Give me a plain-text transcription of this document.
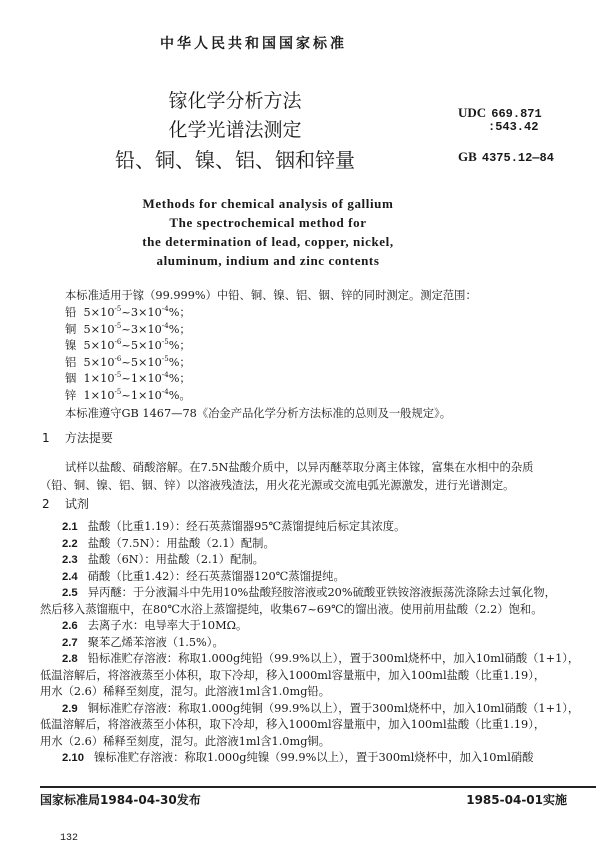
中华人民共和国国家标准
镓化学分析方法
化学光谱法测定
铅、铜、镍、铝、铟和锌量
UDC 669.871
:543.42
GB 4375.12—84
Methods for chemical analysis of gallium
The spectrochemical method for
the determination of lead, copper, nickel,
aluminum, indium and zinc contents
本标准适用于镓（99.999%）中铅、铜、镍、铝、铟、锌的同时测定。测定范围：
铅 $5\times 10^{-5}\sim 3\times 10^{-4}\%$；
铜 $5\times 10^{-5}\sim 3\times 10^{-4}\%$；
镍 $5\times 10^{-6}\sim 5\times 10^{-5}\%$；
铝 $5\times 10^{-6}\sim 5\times 10^{-5}\%$；
铟 $1\times 10^{-5}\sim 1\times 10^{-4}\%$；
锌 $1\times 10^{-5}\sim 1\times 10^{-4}\%$。
本标准遵守GB 1467—78《冶金产品化学分析方法标准的总则及一般规定》。
1 方法提要
试样以盐酸、硝酸溶解。在7.5N盐酸介质中，以异丙醚萃取分离主体镓，富集在水相中的杂质
（铅、铜、镍、铝、铟、锌）以溶液残渣法，用火花光源或交流电弧光源激发，进行光谱测定。
2 试剂
2.1 盐酸（比重1.19）：经石英蒸馏器95℃蒸馏提纯后标定其浓度。
2.2 盐酸（7.5N）：用盐酸（2.1）配制。
2.3 盐酸（6N）：用盐酸（2.1）配制。
2.4 硝酸（比重1.42）：经石英蒸馏器120℃蒸馏提纯。
2.5 异丙醚：于分液漏斗中先用10%盐酸羟胺溶液或20%硫酸亚铁铵溶液振荡洗涤除去过氧化物，
然后移入蒸馏瓶中，在80℃水浴上蒸馏提纯，收集67~69℃的馏出液。使用前用盐酸（2.2）饱和。
2.6 去离子水：电导率大于10MΩ。
2.7 聚苯乙烯苯溶液（1.5%）。
2.8 铅标准贮存溶液：称取1.000g纯铅（99.9%以上），置于300ml烧杯中，加入10ml硝酸（1+1），
低温溶解后，将溶液蒸至小体积，取下冷却，移入1000ml容量瓶中，加入100ml盐酸（比重1.19），
用水（2.6）稀释至刻度，混匀。此溶液1ml含1.0mg铅。
2.9 铜标准贮存溶液：称取1.000g纯铜（99.9%以上），置于300ml烧杯中，加入10ml硝酸（1+1），
低温溶解后，将溶液蒸至小体积，取下冷却，移入1000ml容量瓶中，加入100ml盐酸（比重1.19），
用水（2.6）稀释至刻度，混匀。此溶液1ml含1.0mg铜。
2.10 镍标准贮存溶液：称取1.000g纯镍（99.9%以上），置于300ml烧杯中，加入10ml硝酸
国家标准局1984-04-30发布	1985-04-01实施
132
